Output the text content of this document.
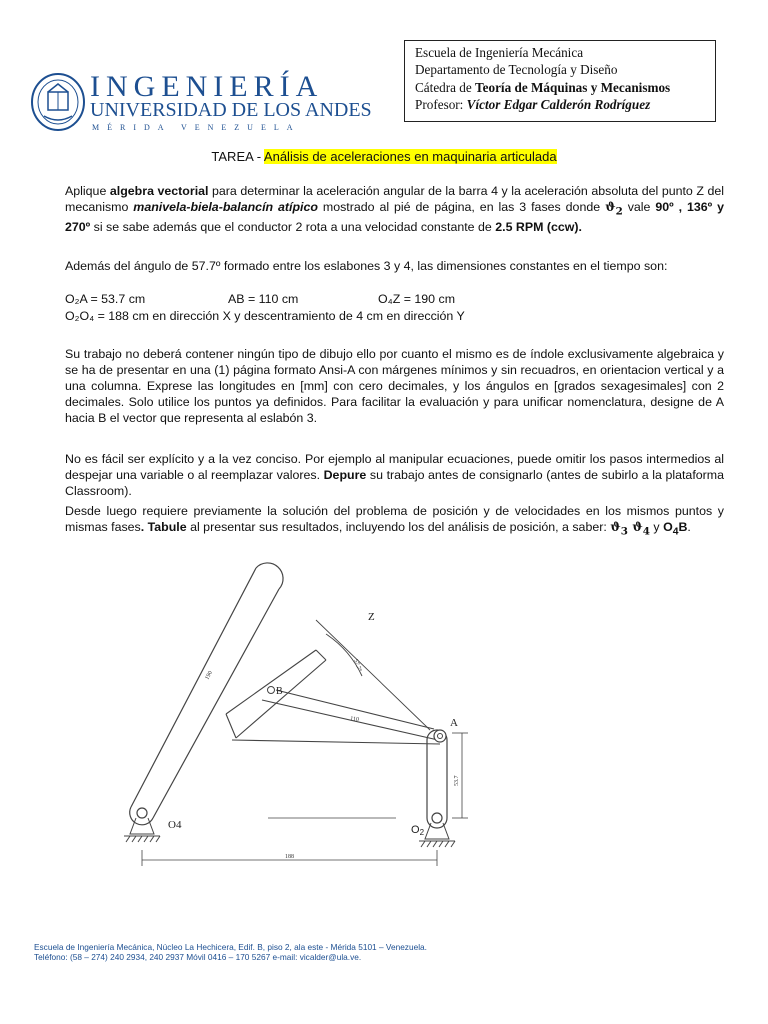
INGENIERÍA
UNIVERSIDAD DE LOS ANDES
MÉRIDA VENEZUELA
Escuela de Ingeniería Mecánica
Departamento de Tecnología y Diseño
Cátedra de Teoría de Máquinas y Mecanismos
Profesor: Víctor Edgar Calderón Rodríguez
TAREA - Análisis de aceleraciones en maquinaria articulada
Aplique algebra vectorial para determinar la aceleración angular de la barra 4 y la aceleración absoluta del punto Z del mecanismo manivela-biela-balancín atípico mostrado al pié de página, en las 3 fases donde $ϑ_2$ vale 90º , 136º y 270º si se sabe además que el conductor 2 rota a una velocidad constante de 2.5 RPM (ccw).
Además del ángulo de 57.7º formado entre los eslabones 3 y 4, las dimensiones constantes en el tiempo son:
O₂A = 53.7 cm	AB = 110 cm	O₄Z = 190 cm
O₂O₄ = 188 cm en dirección X y descentramiento de 4 cm en dirección Y
Su trabajo no deberá contener ningún tipo de dibujo ello por cuanto el mismo es de índole exclusivamente algebraica y se ha de presentar en una (1) página formato Ansi-A con márgenes mínimos y sin recuadros, en orientacion vertical y a una columna. Exprese las longitudes en [mm] con cero decimales, y los ángulos en [grados sexagesimales] con 2 decimales. Solo utilice los puntos ya definidos. Para facilitar la evaluación y para unificar nomenclatura, designe de A hacia B el vector que representa al eslabón 3.
No es fácil ser explícito y a la vez conciso. Por ejemplo al manipular ecuaciones, puede omitir los pasos intermedios al despejar una variable o al reemplazar valores. Depure su trabajo antes de consignarlo (antes de subirlo a la plataforma Classroom).
Desde luego requiere previamente la solución del problema de posición y de velocidades en los mismos puntos y mismas fases. Tabule al presentar sus resultados, incluyendo los del análisis de posición, a saber: $ϑ_3$ $ϑ_4$ y $O_4B$.
Z
B
A
O4	O2
190
110
57.7°
53.7
188
Escuela de Ingeniería Mecánica, Núcleo La Hechicera, Edif. B, piso 2, ala este - Mérida 5101 – Venezuela.
Teléfono: (58 – 274) 240 2934, 240 2937 Móvil 0416 – 170 5267 e-mail: vicalder@ula.ve.
